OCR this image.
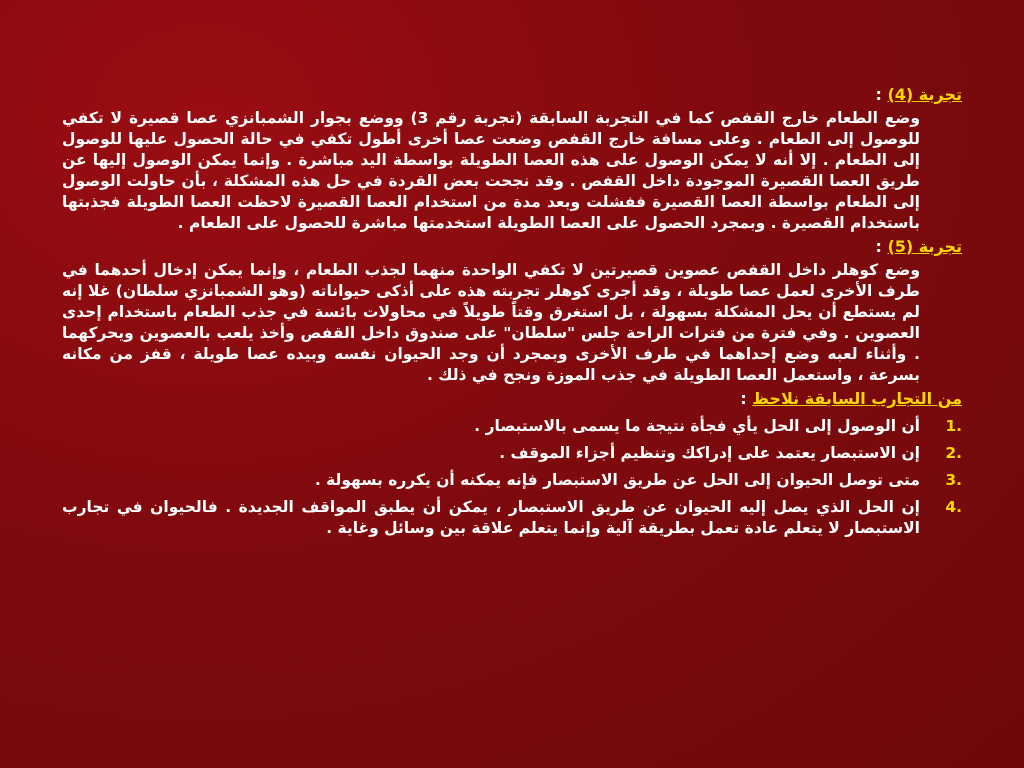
تجربة (4) :

وضع الطعام خارج القفص كما في التجربة السابقة (تجربة رقم 3) ووضع بجوار الشمبانزي عصا قصيرة لا تكفي للوصول إلى الطعام . وعلى مسافة خارج القفص وضعت عصا أخرى أطول تكفي في حالة الحصول عليها للوصول إلى الطعام . إلا أنه لا يمكن الوصول على هذه العصا الطويلة بواسطة اليد مباشرة . وإنما يمكن الوصول إليها عن طريق العصا القصيرة الموجودة داخل القفص . وقد نجحت بعض القردة في حل هذه المشكلة ، بأن حاولت الوصول إلى الطعام بواسطة العصا القصيرة ففشلت وبعد مدة من استخدام العصا القصيرة لاحظت العصا الطويلة فجذبتها باستخدام القصيرة . وبمجرد الحصول على العصا الطويلة استخدمتها مباشرة للحصول على الطعام .

تجربة (5) :

وضع كوهلر داخل القفص عصوين قصيرتين لا تكفي الواحدة منهما لجذب الطعام ، وإنما يمكن إدخال أحدهما في طرف الأخرى لعمل عصا طويلة ، وقد أجرى كوهلر تجربته هذه على أذكى حيواناته (وهو الشمبانزي سلطان) غلا إنه لم يستطع أن يحل المشكلة بسهولة ، بل استغرق وقتاً طويلاً في محاولات بائسة في جذب الطعام باستخدام إحدى العصوين . وفي فترة من فترات الراحة جلس "سلطان" على صندوق داخل القفص وأخذ يلعب بالعصوين ويحركهما . وأثناء لعبه وضع إحداهما في طرف الأخرى وبمجرد أن وجد الحيوان نفسه وبيده عصا طويلة ، قفز من مكانه بسرعة ، واستعمل العصا الطويلة في جذب الموزة ونجح في ذلك .

من التجارب السابقة نلاحظ :

1.
أن الوصول إلى الحل يأي فجأة نتيجة ما يسمى بالاستبصار .
2.
إن الاستبصار يعتمد على إدراكك وتنظيم أجزاء الموقف .
3.
متى توصل الحيوان إلى الحل عن طريق الاستبصار فإنه يمكنه أن يكرره بسهولة .
4.
إن الحل الذي يصل إليه الحيوان عن طريق الاستبصار ، يمكن أن يطبق المواقف الجديدة . فالحيوان في تجارب الاستبصار لا يتعلم عادة تعمل بطريقة آلية وإنما يتعلم علاقة بين وسائل وغاية .
